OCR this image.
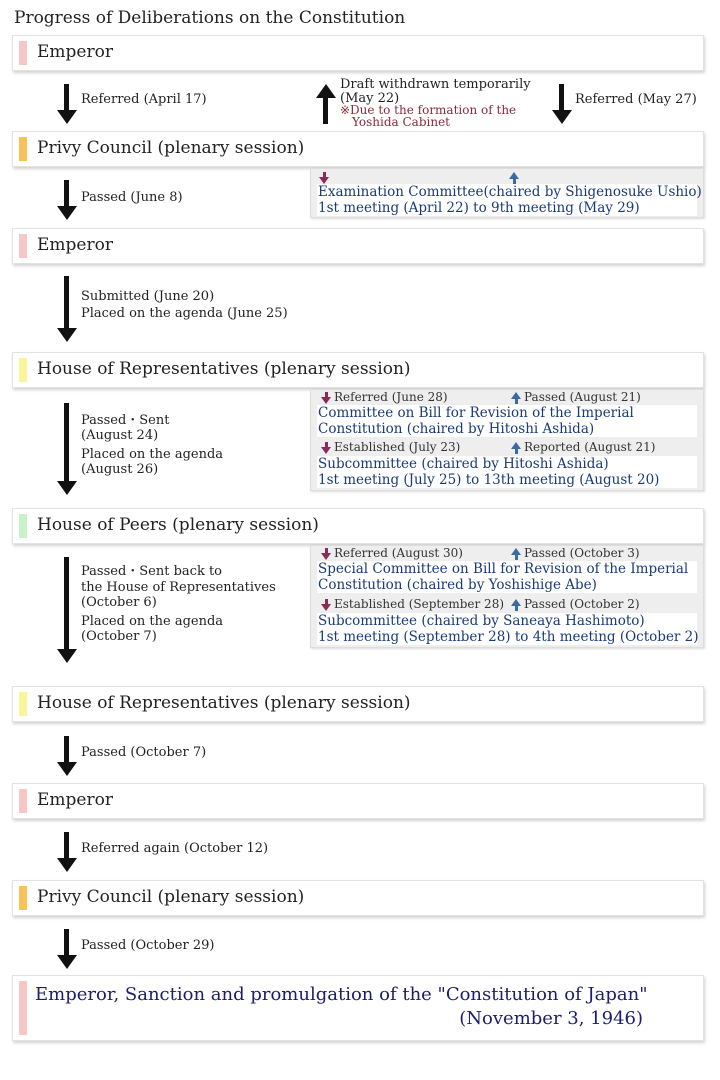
Progress of Deliberations on the Constitution
Emperor
Referred (April 17)
Draft withdrawn temporarily
(May 22)
※Due to the formation of the
Yoshida Cabinet
Referred (May 27)
Privy Council (plenary session)
Passed (June 8)	Examination Committee(chaired by Shigenosuke Ushio)
1st meeting (April 22) to 9th meeting (May 29)
Emperor
Submitted (June 20)
Placed on the agenda (June 25)
House of Representatives (plenary session)
Passed・Sent
(August 24)
Placed on the agenda
(August 26)
Referred (June 28)	Passed (August 21)
Committee on Bill for Revision of the Imperial
Constitution (chaired by Hitoshi Ashida)
Established (July 23)	Reported (August 21)
Subcommittee (chaired by Hitoshi Ashida)
1st meeting (July 25) to 13th meeting (August 20)
House of Peers (plenary session)
Passed・Sent back to
the House of Representatives
(October 6)
Placed on the agenda
(October 7)
Referred (August 30)	Passed (October 3)
Special Committee on Bill for Revision of the Imperial
Constitution (chaired by Yoshishige Abe)
Established (September 28)	Passed (October 2)
Subcommittee (chaired by Saneaya Hashimoto)
1st meeting (September 28) to 4th meeting (October 2)
House of Representatives (plenary session)
Passed (October 7)
Emperor
Referred again (October 12)
Privy Council (plenary session)
Passed (October 29)
Emperor, Sanction and promulgation of the "Constitution of Japan"
(November 3, 1946)
